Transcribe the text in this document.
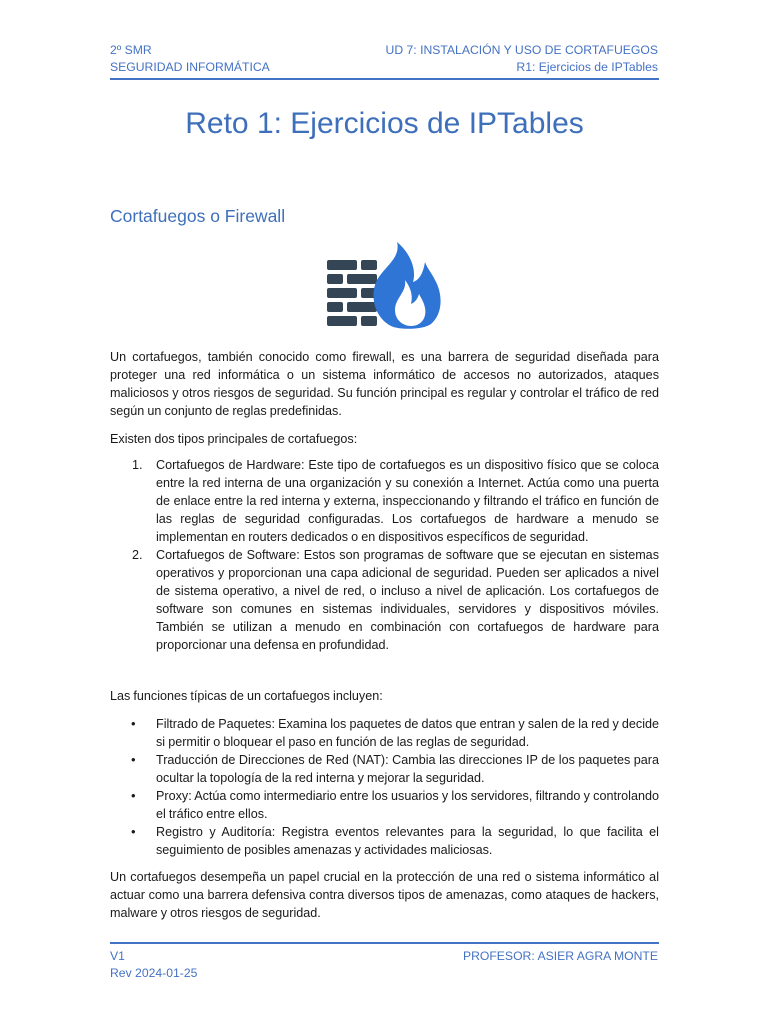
2º SMR
SEGURIDAD INFORMÁTICA
UD 7: INSTALACIÓN Y USO DE CORTAFUEGOS
R1: Ejercicios de IPTables
Reto 1: Ejercicios de IPTables
Cortafuegos o Firewall
Un cortafuegos, también conocido como firewall, es una barrera de seguridad diseñada para proteger una red informática o un sistema informático de accesos no autorizados, ataques maliciosos y otros riesgos de seguridad. Su función principal es regular y controlar el tráfico de red según un conjunto de reglas predefinidas.
Existen dos tipos principales de cortafuegos:
1. Cortafuegos de Hardware: Este tipo de cortafuegos es un dispositivo físico que se coloca entre la red interna de una organización y su conexión a Internet. Actúa como una puerta de enlace entre la red interna y externa, inspeccionando y filtrando el tráfico en función de las reglas de seguridad configuradas. Los cortafuegos de hardware a menudo se implementan en routers dedicados o en dispositivos específicos de seguridad.
2. Cortafuegos de Software: Estos son programas de software que se ejecutan en sistemas operativos y proporcionan una capa adicional de seguridad. Pueden ser aplicados a nivel de sistema operativo, a nivel de red, o incluso a nivel de aplicación. Los cortafuegos de software son comunes en sistemas individuales, servidores y dispositivos móviles. También se utilizan a menudo en combinación con cortafuegos de hardware para proporcionar una defensa en profundidad.
Las funciones típicas de un cortafuegos incluyen:
• Filtrado de Paquetes: Examina los paquetes de datos que entran y salen de la red y decide si permitir o bloquear el paso en función de las reglas de seguridad.
• Traducción de Direcciones de Red (NAT): Cambia las direcciones IP de los paquetes para ocultar la topología de la red interna y mejorar la seguridad.
• Proxy: Actúa como intermediario entre los usuarios y los servidores, filtrando y controlando el tráfico entre ellos.
• Registro y Auditoría: Registra eventos relevantes para la seguridad, lo que facilita el seguimiento de posibles amenazas y actividades maliciosas.
Un cortafuegos desempeña un papel crucial en la protección de una red o sistema informático al actuar como una barrera defensiva contra diversos tipos de amenazas, como ataques de hackers, malware y otros riesgos de seguridad.
V1
Rev 2024-01-25
PROFESOR: ASIER AGRA MONTE
